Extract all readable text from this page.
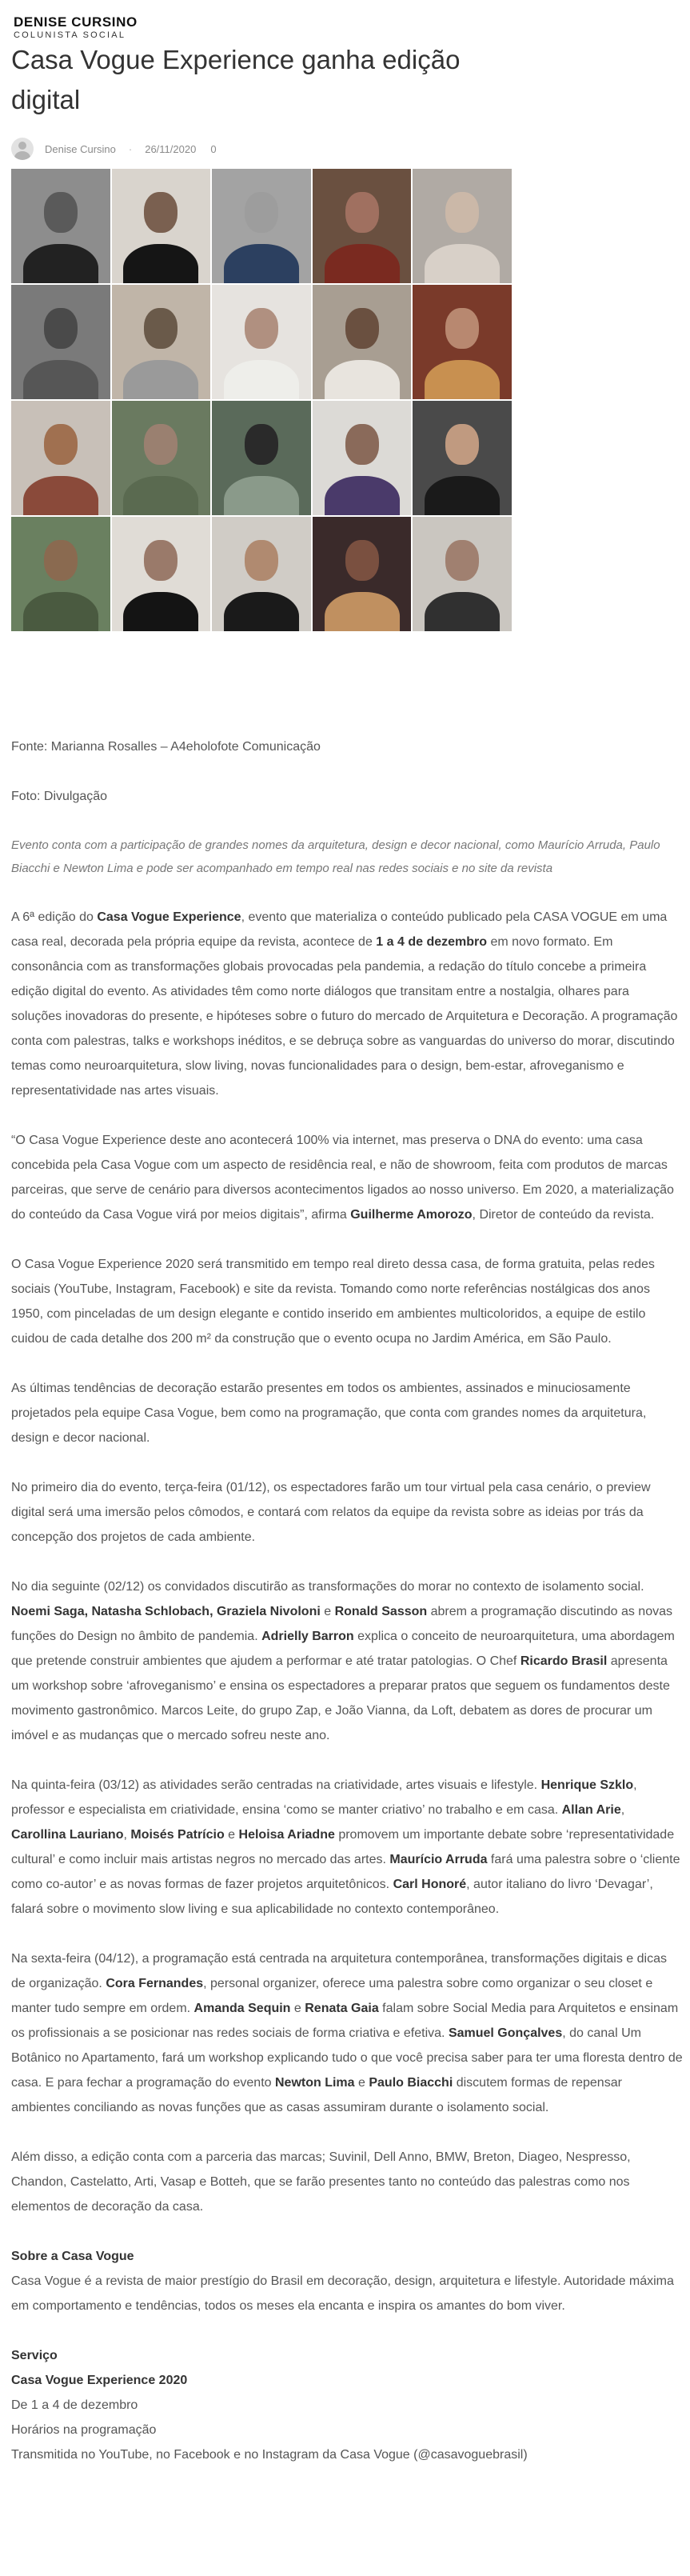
DENISE CURSINO
COLUNISTA SOCIAL
Casa Vogue Experience ganha edição digital
Denise Cursino · 26/11/2020 0

Fonte: Marianna Rosalles – A4eholofote Comunicação

Foto: Divulgação

Evento conta com a participação de grandes nomes da arquitetura, design e decor nacional, como Maurício Arruda, Paulo Biacchi e Newton Lima e pode ser acompanhado em tempo real nas redes sociais e no site da revista

A 6ª edição do Casa Vogue Experience, evento que materializa o conteúdo publicado pela CASA VOGUE em uma casa real, decorada pela própria equipe da revista, acontece de 1 a 4 de dezembro em novo formato. Em consonância com as transformações globais provocadas pela pandemia, a redação do título concebe a primeira edição digital do evento. As atividades têm como norte diálogos que transitam entre a nostalgia, olhares para soluções inovadoras do presente, e hipóteses sobre o futuro do mercado de Arquitetura e Decoração. A programação conta com palestras, talks e workshops inéditos, e se debruça sobre as vanguardas do universo do morar, discutindo temas como neuroarquitetura, slow living, novas funcionalidades para o design, bem-estar, afroveganismo e representatividade nas artes visuais.

“O Casa Vogue Experience deste ano acontecerá 100% via internet, mas preserva o DNA do evento: uma casa concebida pela Casa Vogue com um aspecto de residência real, e não de showroom, feita com produtos de marcas parceiras, que serve de cenário para diversos acontecimentos ligados ao nosso universo. Em 2020, a materialização do conteúdo da Casa Vogue virá por meios digitais”, afirma Guilherme Amorozo, Diretor de conteúdo da revista.

O Casa Vogue Experience 2020 será transmitido em tempo real direto dessa casa, de forma gratuita, pelas redes sociais (YouTube, Instagram, Facebook) e site da revista. Tomando como norte referências nostálgicas dos anos 1950, com pinceladas de um design elegante e contido inserido em ambientes multicoloridos, a equipe de estilo cuidou de cada detalhe dos 200 m² da construção que o evento ocupa no Jardim América, em São Paulo.

As últimas tendências de decoração estarão presentes em todos os ambientes, assinados e minuciosamente projetados pela equipe Casa Vogue, bem como na programação, que conta com grandes nomes da arquitetura, design e decor nacional.

No primeiro dia do evento, terça-feira (01/12), os espectadores farão um tour virtual pela casa cenário, o preview digital será uma imersão pelos cômodos, e contará com relatos da equipe da revista sobre as ideias por trás da concepção dos projetos de cada ambiente.

No dia seguinte (02/12) os convidados discutirão as transformações do morar no contexto de isolamento social. Noemi Saga, Natasha Schlobach, Graziela Nivoloni e Ronald Sasson abrem a programação discutindo as novas funções do Design no âmbito de pandemia. Adrielly Barron explica o conceito de neuroarquitetura, uma abordagem que pretende construir ambientes que ajudem a performar e até tratar patologias. O Chef Ricardo Brasil apresenta um workshop sobre ‘afroveganismo’ e ensina os espectadores a preparar pratos que seguem os fundamentos deste movimento gastronômico. Marcos Leite, do grupo Zap, e João Vianna, da Loft, debatem as dores de procurar um imóvel e as mudanças que o mercado sofreu neste ano.

Na quinta-feira (03/12) as atividades serão centradas na criatividade, artes visuais e lifestyle. Henrique Szklo, professor e especialista em criatividade, ensina ‘como se manter criativo’ no trabalho e em casa. Allan Arie, Carollina Lauriano, Moisés Patrício e Heloisa Ariadne promovem um importante debate sobre ‘representatividade cultural’ e como incluir mais artistas negros no mercado das artes. Maurício Arruda fará uma palestra sobre o ‘cliente como co-autor’ e as novas formas de fazer projetos arquitetônicos. Carl Honoré, autor italiano do livro ‘Devagar’, falará sobre o movimento slow living e sua aplicabilidade no contexto contemporâneo.

Na sexta-feira (04/12), a programação está centrada na arquitetura contemporânea, transformações digitais e dicas de organização. Cora Fernandes, personal organizer, oferece uma palestra sobre como organizar o seu closet e manter tudo sempre em ordem. Amanda Sequin e Renata Gaia falam sobre Social Media para Arquitetos e ensinam os profissionais a se posicionar nas redes sociais de forma criativa e efetiva. Samuel Gonçalves, do canal Um Botânico no Apartamento, fará um workshop explicando tudo o que você precisa saber para ter uma floresta dentro de casa. E para fechar a programação do evento Newton Lima e Paulo Biacchi discutem formas de repensar ambientes conciliando as novas funções que as casas assumiram durante o isolamento social.

Além disso, a edição conta com a parceria das marcas; Suvinil, Dell Anno, BMW, Breton, Diageo, Nespresso, Chandon, Castelatto, Arti, Vasap e Botteh, que se farão presentes tanto no conteúdo das palestras como nos elementos de decoração da casa.

Sobre a Casa Vogue

Casa Vogue é a revista de maior prestígio do Brasil em decoração, design, arquitetura e lifestyle. Autoridade máxima em comportamento e tendências, todos os meses ela encanta e inspira os amantes do bom viver.

Serviço
Casa Vogue Experience 2020

De 1 a 4 de dezembro

Horários na programação

Transmitida no YouTube, no Facebook e no Instagram da Casa Vogue (@casavoguebrasil)
